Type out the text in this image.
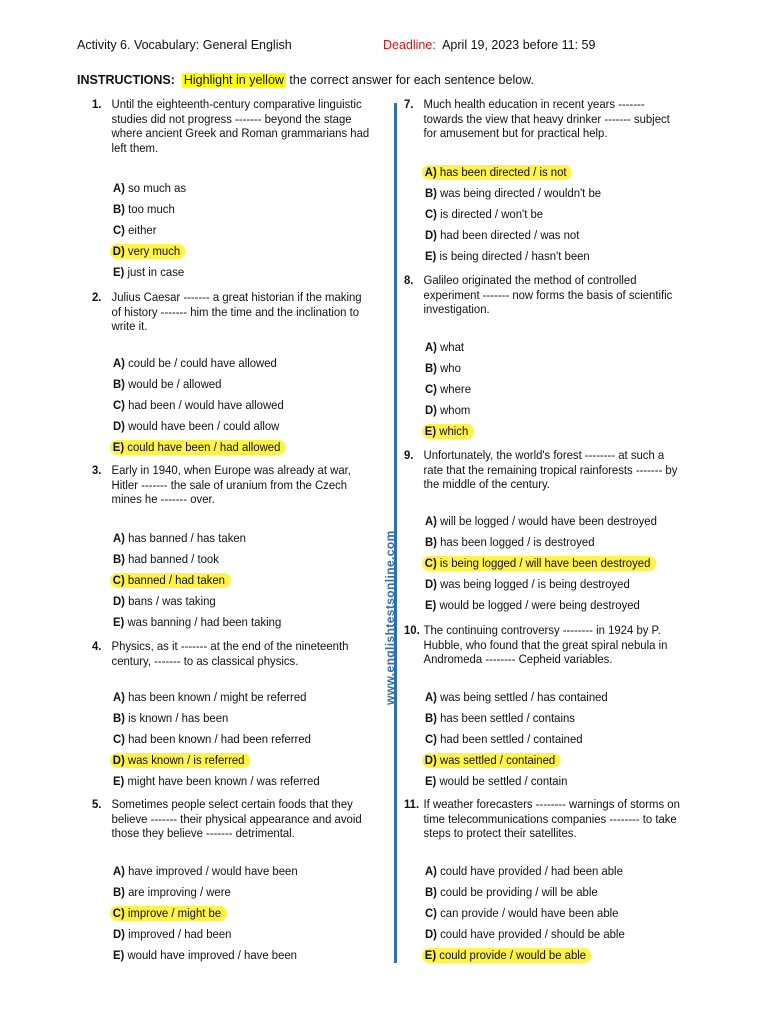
Activity 6. Vocabulary: General English	Deadline: April 19, 2023 before 11: 59
INSTRUCTIONS: Highlight in yellow the correct answer for each sentence below.
www.englishtestsonline.com
1. Until the eighteenth-century comparative linguistic studies did not progress ------- beyond the stage where ancient Greek and Roman grammarians had left them.
A) so much as
B) too much
C) either
D) very much
E) just in case
2. Julius Caesar ------- a great historian if the making of history ------- him the time and the inclination to write it.
A) could be / could have allowed
B) would be / allowed
C) had been / would have allowed
D) would have been / could allow
E) could have been / had allowed
3. Early in 1940, when Europe was already at war, Hitler ------- the sale of uranium from the Czech mines he ------- over.
A) has banned / has taken
B) had banned / took
C) banned / had taken
D) bans / was taking
E) was banning / had been taking
4. Physics, as it ------- at the end of the nineteenth century, ------- to as classical physics.
A) has been known / might be referred
B) is known / has been
C) had been known / had been referred
D) was known / is referred
E) might have been known / was referred
5. Sometimes people select certain foods that they believe ------- their physical appearance and avoid those they believe ------- detrimental.
A) have improved / would have been
B) are improving / were
C) improve / might be
D) improved / had been
E) would have improved / have been
7. Much health education in recent years ------- towards the view that heavy drinker ------- subject for amusement but for practical help.
A) has been directed / is not
B) was being directed / wouldn't be
C) is directed / won't be
D) had been directed / was not
E) is being directed / hasn't been
8. Galileo originated the method of controlled experiment ------- now forms the basis of scientific investigation.
A) what
B) who
C) where
D) whom
E) which
9. Unfortunately, the world's forest -------- at such a rate that the remaining tropical rainforests ------- by the middle of the century.
A) will be logged / would have been destroyed
B) has been logged / is destroyed
C) is being logged / will have been destroyed
D) was being logged / is being destroyed
E) would be logged / were being destroyed
10. The continuing controversy -------- in 1924 by P. Hubble, who found that the great spiral nebula in Andromeda -------- Cepheid variables.
A) was being settled / has contained
B) has been settled / contains
C) had been settled / contained
D) was settled / contained
E) would be settled / contain
11. If weather forecasters -------- warnings of storms on time telecommunications companies -------- to take steps to protect their satellites.
A) could have provided / had been able
B) could be providing / will be able
C) can provide / would have been able
D) could have provided / should be able
E) could provide / would be able
